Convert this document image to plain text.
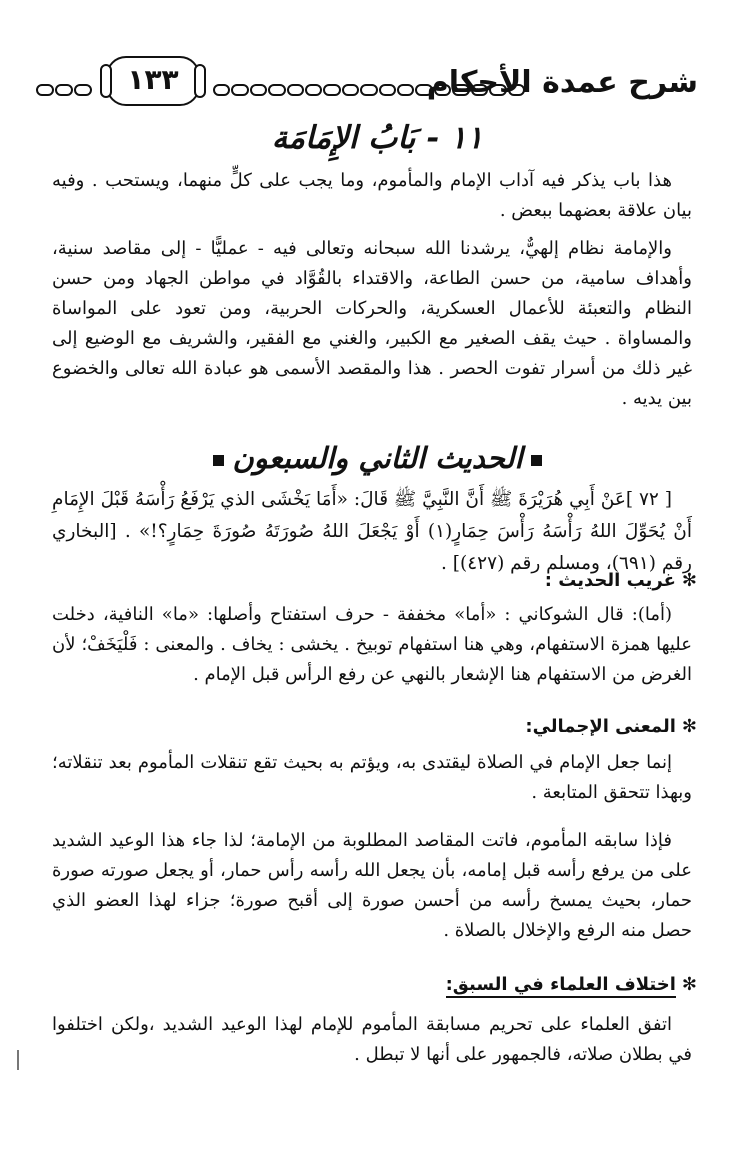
شرح عمدة الأحكام
١٣٣
١١ - بَابُ الإِمَامَة

هذا باب يذكر فيه آداب الإمام والمأموم، وما يجب على كلٍّ منهما، ويستحب . وفيه بيان علاقة بعضهما ببعض .

والإمامة نظام إلهيٌّ، يرشدنا الله سبحانه وتعالى فيه - عمليًّا - إلى مقاصد سنية، وأهداف سامية، من حسن الطاعة، والاقتداء بالقُوَّاد في مواطن الجهاد ومن حسن النظام والتعبئة للأعمال العسكرية، والحركات الحربية، ومن تعود على المواساة والمساواة . حيث يقف الصغير مع الكبير، والغني مع الفقير، والشريف مع الوضيع إلى غير ذلك من أسرار تفوت الحصر . هذا والمقصد الأسمى هو عبادة الله تعالى والخضوع بين يديه .

الحديث الثاني والسبعون

[ ٧٢ ]عَنْ أَبِي هُرَيْرَةَ ﷺ أَنَّ النَّبِيَّ ﷺ قَالَ: «أَمَا يَخْشَى الذي يَرْفَعُ رَأْسَهُ قَبْلَ الإِمَامِ أَنْ يُحَوِّلَ اللهُ رَأْسَهُ رَأْسَ حِمَارٍ(١) أَوْ يَجْعَلَ اللهُ صُورَتَهُ صُورَةَ حِمَارٍ؟!» . [البخاري رقم (٦٩١)، ومسلم رقم (٤٢٧)] .

✻غريب الحديث :

(أما): قال الشوكاني : «أما» مخففة - حرف استفتاح وأصلها: «ما» النافية، دخلت عليها همزة الاستفهام، وهي هنا استفهام توبيخ . يخشى : يخاف . والمعنى : فَلْيَخَفْ؛ لأن الغرض من الاستفهام هنا الإشعار بالنهي عن رفع الرأس قبل الإمام .

✻المعنى الإجمالي:

إنما جعل الإمام في الصلاة ليقتدى به، ويؤتم به بحيث تقع تنقلات المأموم بعد تنقلاته؛ وبهذا تتحقق المتابعة .

فإذا سابقه المأموم، فاتت المقاصد المطلوبة من الإمامة؛ لذا جاء هذا الوعيد الشديد على من يرفع رأسه قبل إمامه، بأن يجعل الله رأسه رأس حمار، أو يجعل صورته صورة حمار، بحيث يمسخ رأسه من أحسن صورة إلى أقبح صورة؛ جزاء لهذا العضو الذي حصل منه الرفع والإخلال بالصلاة .

✻اختلاف العلماء في السبق:

اتفق العلماء على تحريم مسابقة المأموم للإمام لهذا الوعيد الشديد ،ولكن اختلفوا في بطلان صلاته، فالجمهور على أنها لا تبطل .
